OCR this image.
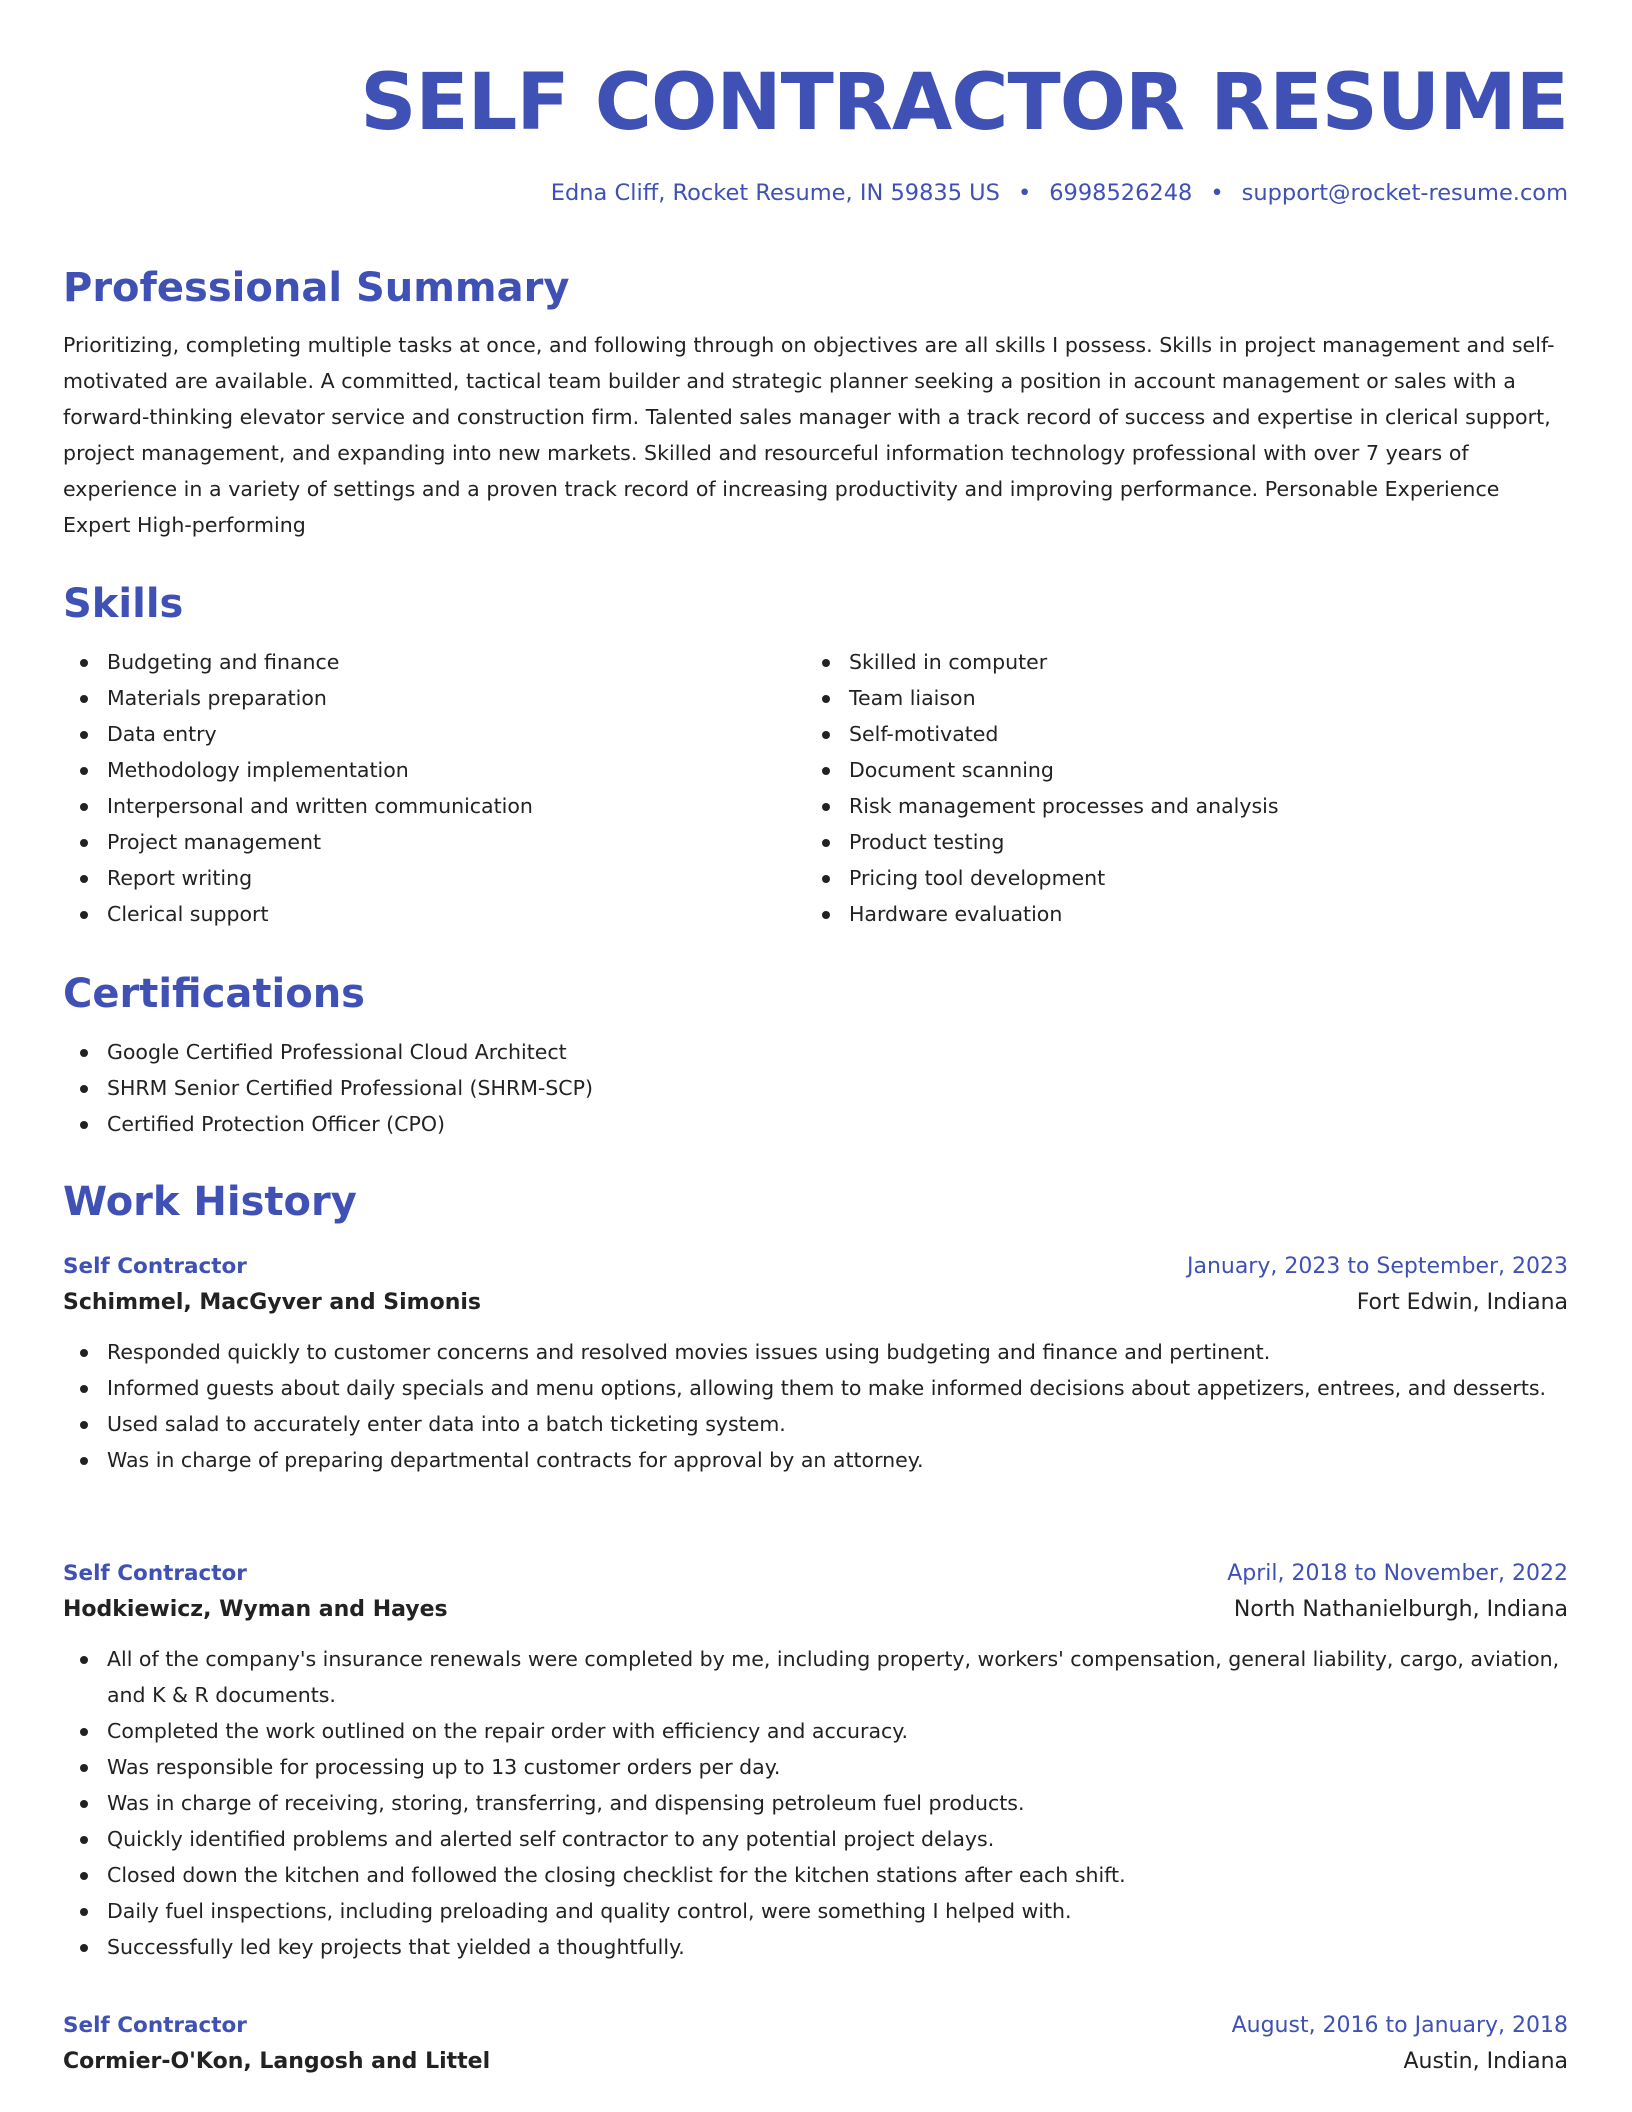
SELF CONTRACTOR RESUME
Edna Cliff, Rocket Resume, IN 59835 US • 6998526248 • support@rocket-resume.com
Professional Summary

Prioritizing, completing multiple tasks at once, and following through on objectives are all skills I possess. Skills in project management and self-motivated are available. A committed, tactical team builder and strategic planner seeking a position in account management or sales with a forward-thinking elevator service and construction firm. Talented sales manager with a track record of success and expertise in clerical support, project management, and expanding into new markets. Skilled and resourceful information technology professional with over 7 years of experience in a variety of settings and a proven track record of increasing productivity and improving performance. Personable Experience Expert High-performing

Skills
Budgeting and finance
Materials preparation
Data entry
Methodology implementation
Interpersonal and written communication
Project management
Report writing
Clerical support
Skilled in computer
Team liaison
Self-motivated
Document scanning
Risk management processes and analysis
Product testing
Pricing tool development
Hardware evaluation
Certifications
Google Certified Professional Cloud Architect
SHRM Senior Certified Professional (SHRM-SCP)
Certified Protection Officer (CPO)
Work History
Self Contractor	January, 2023 to September, 2023
Schimmel, MacGyver and Simonis	Fort Edwin, Indiana
Responded quickly to customer concerns and resolved movies issues using budgeting and finance and pertinent.
Informed guests about daily specials and menu options, allowing them to make informed decisions about appetizers, entrees, and desserts.
Used salad to accurately enter data into a batch ticketing system.
Was in charge of preparing departmental contracts for approval by an attorney.
Self Contractor	April, 2018 to November, 2022
Hodkiewicz, Wyman and Hayes	North Nathanielburgh, Indiana
All of the company's insurance renewals were completed by me, including property, workers' compensation, general liability, cargo, aviation, and K & R documents.
Completed the work outlined on the repair order with efficiency and accuracy.
Was responsible for processing up to 13 customer orders per day.
Was in charge of receiving, storing, transferring, and dispensing petroleum fuel products.
Quickly identified problems and alerted self contractor to any potential project delays.
Closed down the kitchen and followed the closing checklist for the kitchen stations after each shift.
Daily fuel inspections, including preloading and quality control, were something I helped with.
Successfully led key projects that yielded a thoughtfully.
Self Contractor	August, 2016 to January, 2018
Cormier-O'Kon, Langosh and Littel	Austin, Indiana
